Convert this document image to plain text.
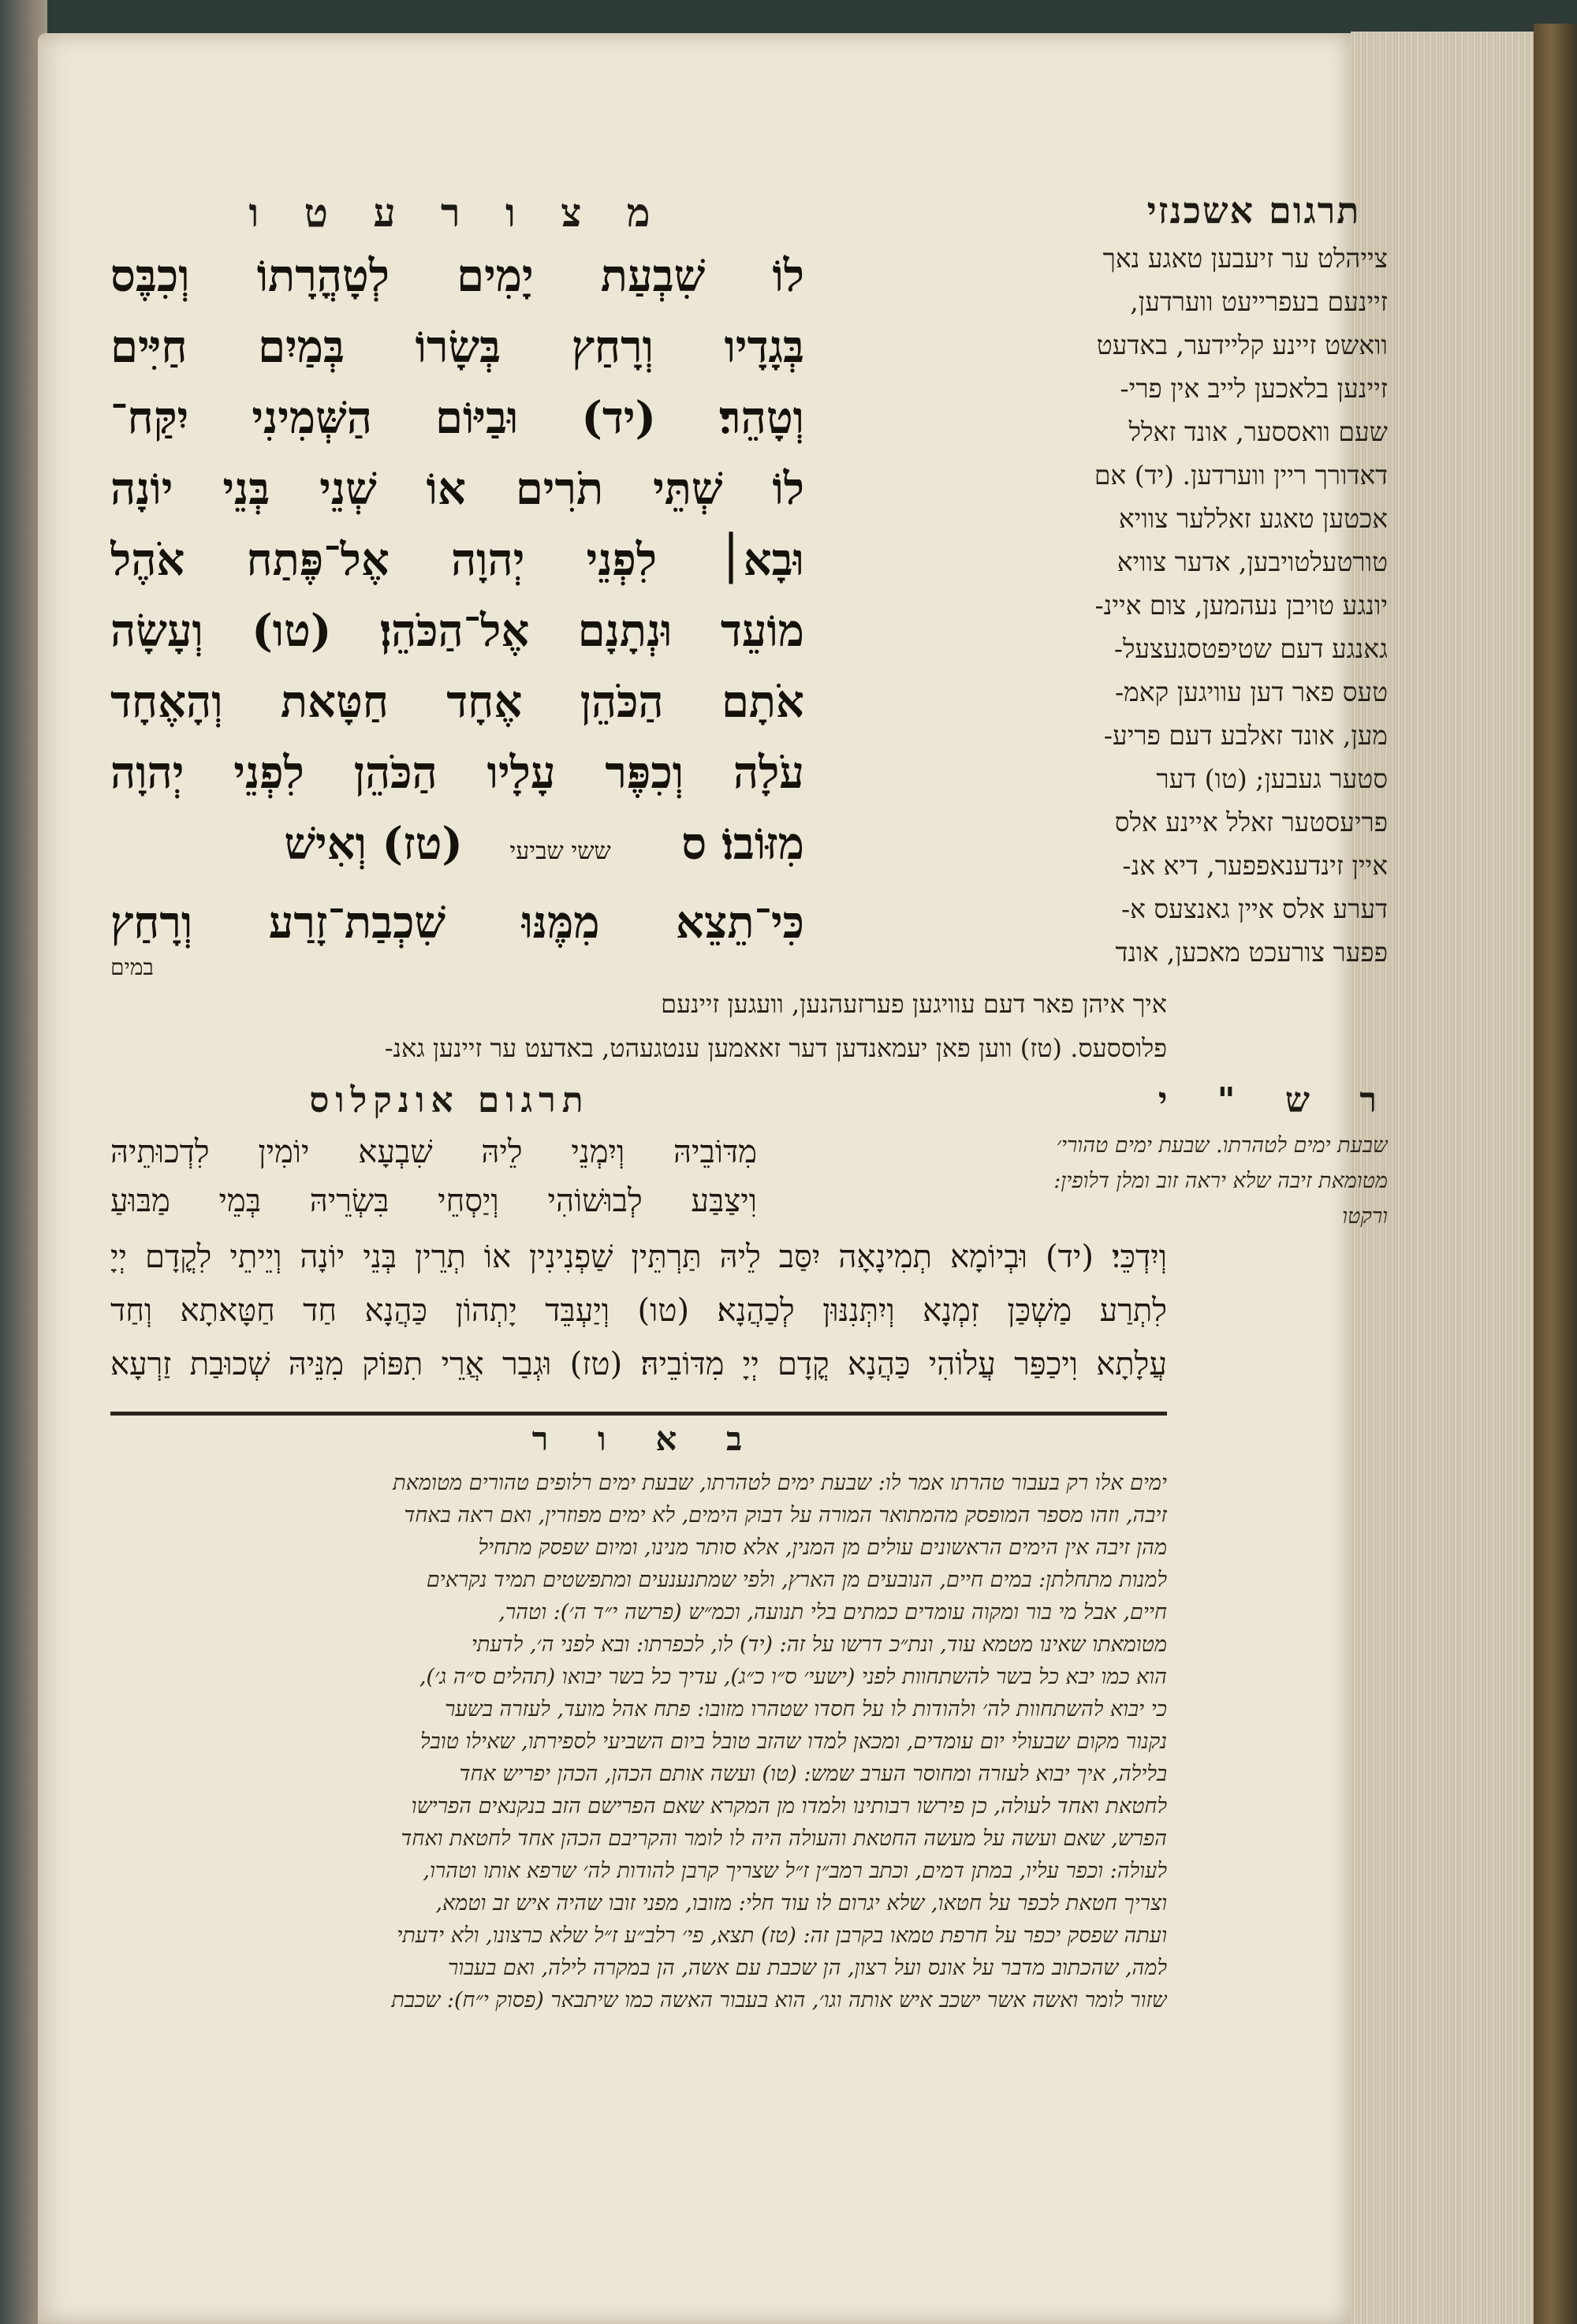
תרגום אשכנזי
מ צ ו ר ע ט ו
צייהלט ער זיעבען טאגע נאך
זיינעם בעפרייעט ווערדען,
וואשט זיינע קליידער, באדעט
זיינען בלאכען לייב אין פרי-
שעם וואססער, אונד זאלל
דאדורך ריין ווערדען. (יד) אם
אכטען טאגע זאללער צוויא
טורטעלטויבען, אדער צוויא
יונגע טויבן נעהמען, צום איינ-
גאנגע דעם שטיפטסגעצעל-
טעס פאר דען עוויגען קאמ-
מען, אונד זאלבע דעם פריע-
סטער געבען; (טו) דער
פריעסטער זאלל איינע אלס
איין זינדענאפפער, דיא אנ-
דערע אלס איין גאנצעס א-
פפער צורעכט מאכען, אונד
לוֹ שִׁבְעַת יָמִים לְטָהֳרָתוֹ וְכִבֶּס
בְּגָדָיו וְרָחַץ בְּשָׂרוֹ בְּמַיִם חַיִּים
וְטָהֵר׃ (יד) וּבַיּוֹם הַשְּׁמִינִי יִקַּח־
לוֹ שְׁתֵּי תֹרִים אוֹ שְׁנֵי בְּנֵי יוֹנָה
וּבָא׀ לִפְנֵי יְהוָה אֶל־פֶּתַח אֹהֶל
מוֹעֵד וּנְתָנָם אֶל־הַכֹּהֵן׃ (טו) וְעָשָׂה
אֹתָם הַכֹּהֵן אֶחָד חַטָּאת וְהָאֶחָד
עֹלָה וְכִפֶּר עָלָיו הַכֹּהֵן לִפְנֵי יְהוָה
מִזּוֹבוֹ׃ ס ששי שביעי (טז) וְאִישׁ
כִּי־תֵצֵא מִמֶּנּוּ שִׁכְבַת־זָרַע וְרָחַץ
במים
איך איהן פאר דעם עוויגען פערזעהנען, וועגען זיינעם
פלוססעס. (טז) ווען פאן יעמאנדען דער זאאמען ענטגעהט, באדעט ער זיינען גאנ-
תרגום אונקלוס	ר ש " י
מִדּוֹבֵיהּ וְיִמְנֵי לֵיהּ שִׁבְעָא יוֹמִין לִדְכוּתֵיהּ
וִיצַבַּע לְבוּשׁוֹהִי וְיַסְחֵי בִּשְׂרֵיהּ בְּמֵי מַבּוּעַ
שבעת ימים לטהרתו. שבעת ימים טהורי׳
מטומאת זיבה שלא יראה זוב ומלן דלופין:
ורקטו
וְיִדְכֵּי׃ (יד) וּבְיוֹמָא תְמִינָאָה יִסַּב לֵיהּ תַּרְתֵּין שַׁפְנִינִין אוֹ תְרֵין בְּנֵי יוֹנָה וְיֵיתֵי לִקֳדָם יְיָ
לִתְרַע מַשְׁכַּן זִמְנָא וְיִתְּנִנּוּן לְכַהֲנָא׃ (טו) וְיַעְבֵּד יָתְהוֹן כַּהֲנָא חַד חַטָּאתָא וְחַד
עֲלָתָא וִיכַפַּר עֲלוֹהִי כַּהֲנָא קֳדָם יְיָ מִדּוֹבֵיהּ׃ (טז) וּגְבַר אֲרֵי תִפּוֹק מִנֵּיהּ שְׁכוּבַת זַרְעָא
ב א ו ר
ימים אלו רק בעבור טהרתו אמר לו: שבעת ימים לטהרתו, שבעת ימים רלופים טהורים מטומאת
זיבה, וזהו מספר המופסק מהמתואר המורה על דבוק הימים, לא ימים מפוזרין, ואם ראה באחד
מהן זיבה אין הימים הראשונים עולים מן המנין, אלא סותר מנינו, ומיום שפסק מתחיל
למנות מתחלתן: במים חיים, הנובעים מן הארץ, ולפי שמתנענעים ומתפשטים תמיד נקראים
חיים, אבל מי בור ומקוה עומדים כמתים בלי תנועה, וכמ״ש (פרשה י״ד ה׳): וטהר,
מטומאתו שאינו מטמא עוד, ונת״כ דרשו על זה: (יד) לו, לכפרתו: ובא לפני ה׳, לדעתי
הוא כמו יבא כל בשר להשתחוות לפני (ישעי׳ ס״ו כ״ג), עדיך כל בשר יבואו (תהלים ס״ה ג׳),
כי יבוא להשתחוות לה׳ ולהודות לו על חסדו שטהרו מזובו: פתח אהל מועד, לעזרה בשער
נקנור מקום שבעולי יום עומדים, ומכאן למדו שהזב טובל ביום השביעי לספירתו, שאילו טובל
בלילה, איך יבוא לעזרה ומחוסר הערב שמש: (טו) ועשה אותם הכהן, הכהן יפריש אחד
לחטאת ואחד לעולה, כן פירשו רבותינו ולמדו מן המקרא שאם הפרישם הזב בנקנאים הפרישו
הפרש, שאם ועשה על מעשה החטאת והעולה היה לו לומר והקריבם הכהן אחד לחטאת ואחד
לעולה: וכפר עליו, במתן דמים, וכתב רמב״ן ז״ל שצריך קרבן להודות לה׳ שרפא אותו וטהרו,
וצריך חטאת לכפר על חטאו, שלא יגרום לו עוד חלי: מזובו, מפני זובו שהיה איש זב וטמא,
ועתה שפסק יכפר על חרפת טמאו בקרבן זה: (טז) תצא, פי׳ רלב״ע ז״ל שלא כרצונו, ולא ידעתי
למה, שהכתוב מדבר על אונס ועל רצון, הן שכבת עם אשה, הן במקרה לילה, ואם בעבור
שזור לומר ואשה אשר ישכב איש אותה וגו׳, הוא בעבור האשה כמו שיתבאר (פסוק י״ח): שכבת
